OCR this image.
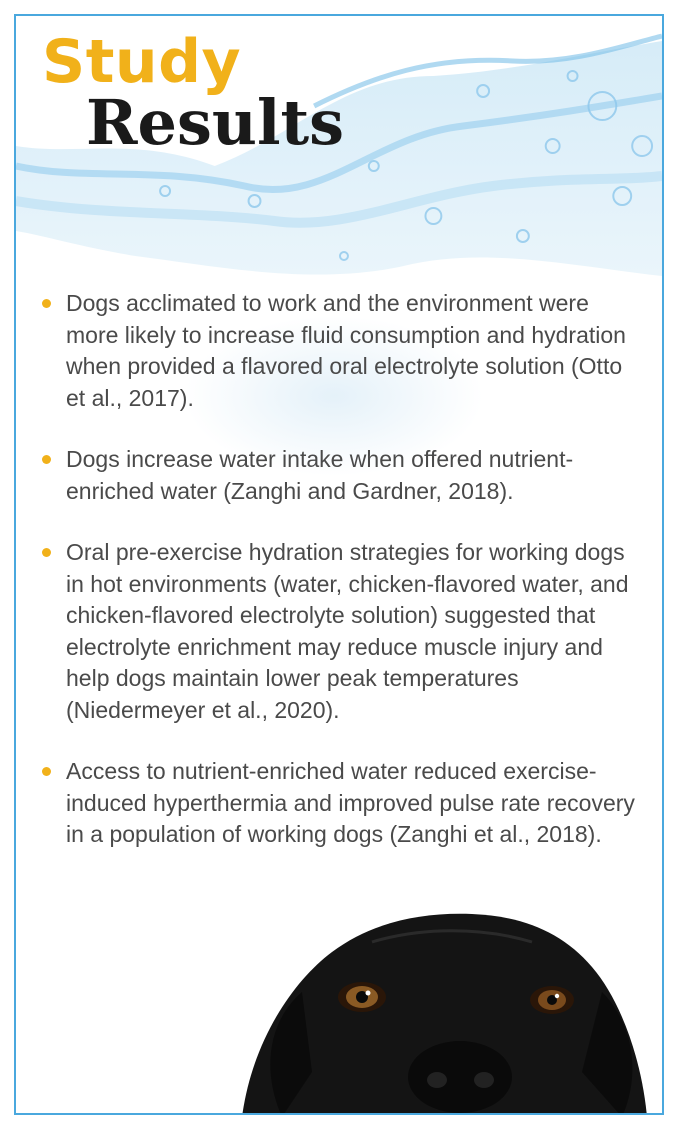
Study
Results
Dogs acclimated to work and the environment were more likely to increase fluid consumption and hydration when provided a flavored oral electrolyte solution (Otto et al., 2017).
Dogs increase water intake when offered nutrient-enriched water (Zanghi and Gardner, 2018).
Oral pre-exercise hydration strategies for working dogs in hot environments (water, chicken-flavored water, and chicken-flavored electrolyte solution) suggested that electrolyte enrichment may reduce muscle injury and help dogs maintain lower peak temperatures (Niedermeyer et al., 2020).
Access to nutrient-enriched water reduced exercise-induced hyperthermia and improved pulse rate recovery in a population of working dogs (Zanghi et al., 2018).
